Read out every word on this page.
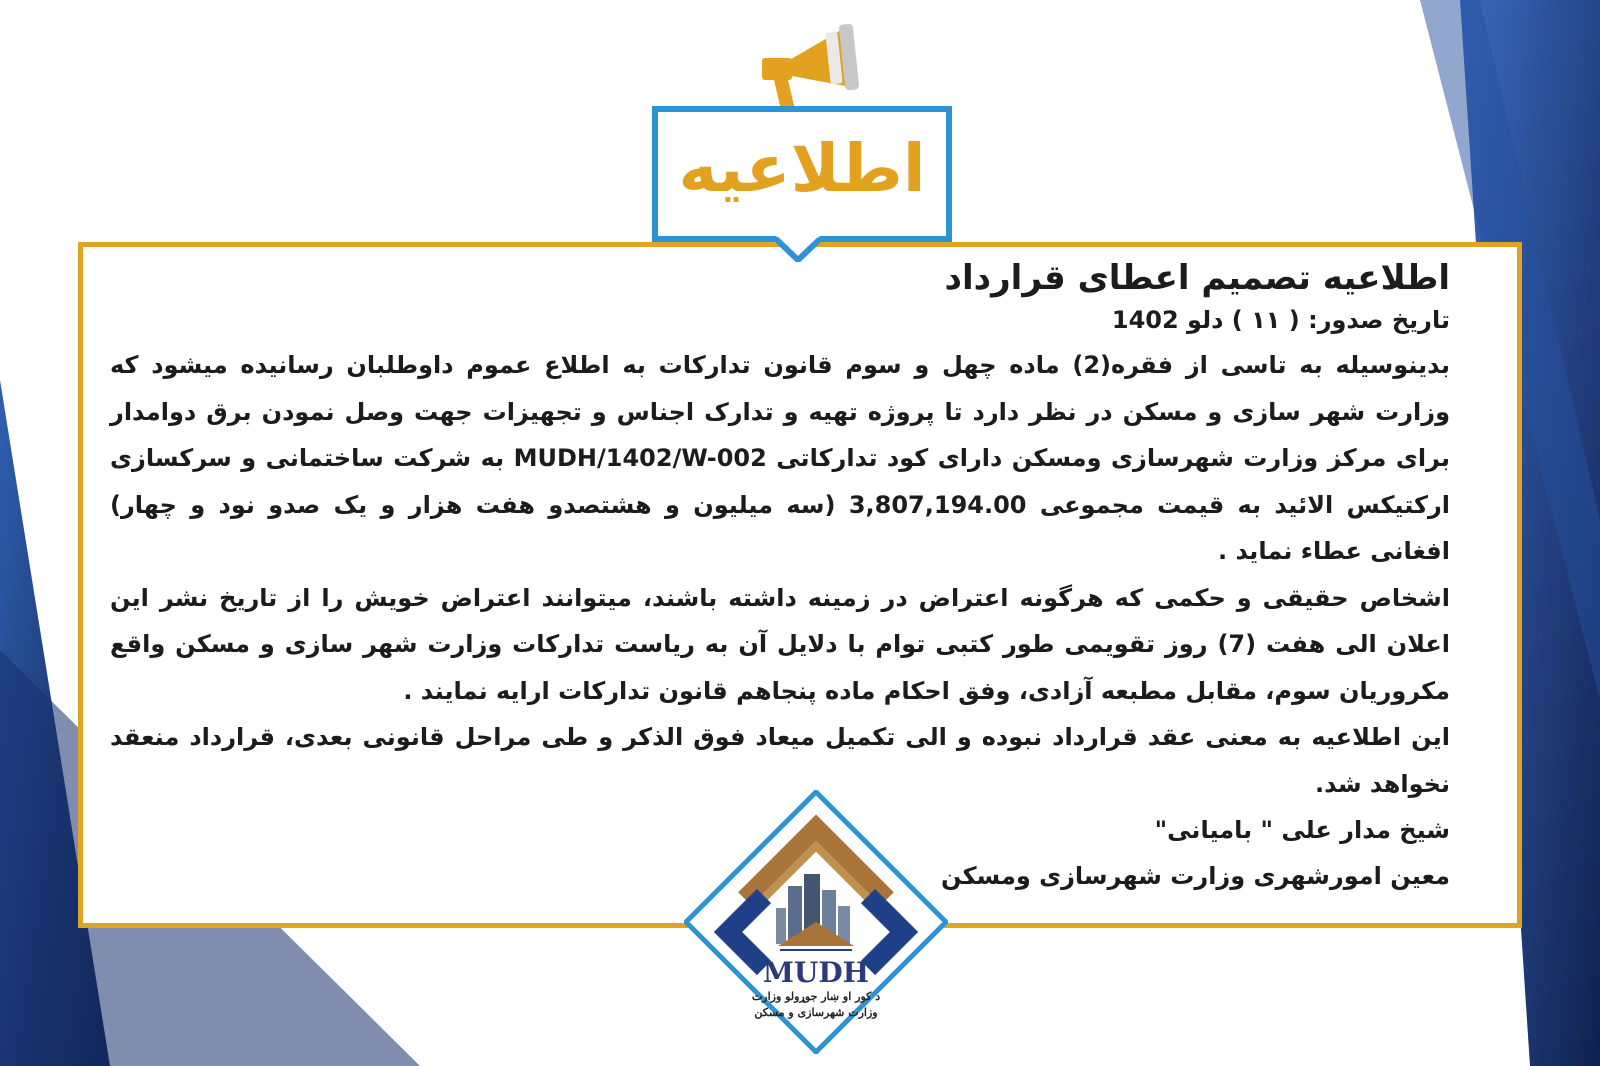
اطلاعیه

اطلاعیه تصمیم اعطای قرارداد

تاریخ صدور: ( ۱۱ ) دلو 1402

بدینوسیله به تاسی از فقره(2) ماده چهل و سوم قانون تدارکات به اطلاع عموم داوطلبان رسانیده میشود که وزارت شهر سازی و مسکن در نظر دارد تا پروژه تهیه و تدارک اجناس و تجهیزات جهت وصل نمودن برق دوامدار برای مرکز وزارت شهرسازی ومسکن دارای کود تدارکاتی MUDH/1402/W-002 به شرکت ساختمانی و سرکسازی ارکتیکس الائید به قیمت مجموعی 3,807,194.00 (سه میلیون و هشتصدو هفت هزار و یک صدو نود و چهار) افغانی عطاء نماید .

اشخاص حقیقی و حکمی که هرگونه اعتراض در زمینه داشته باشند، میتوانند اعتراض خویش را از تاریخ نشر این اعلان الی هفت (7) روز تقویمی طور کتبی توام با دلایل آن به ریاست تدارکات وزارت شهر سازی و مسکن واقع مکروریان سوم، مقابل مطبعه آزادی، وفق احکام ماده پنجاهم قانون تدارکات ارایه نمایند .

این اطلاعیه به معنی عقد قرارداد نبوده و الی تکمیل میعاد فوق الذکر و طی مراحل قانونی بعدی، قرارداد منعقد نخواهد شد.

شیخ مدار علی " بامیانی"

معین امورشهری وزارت شهرسازی ومسکن

MUDH
د کور او ښار جوړولو وزارت
وزارت شهرسازی و مسکن
